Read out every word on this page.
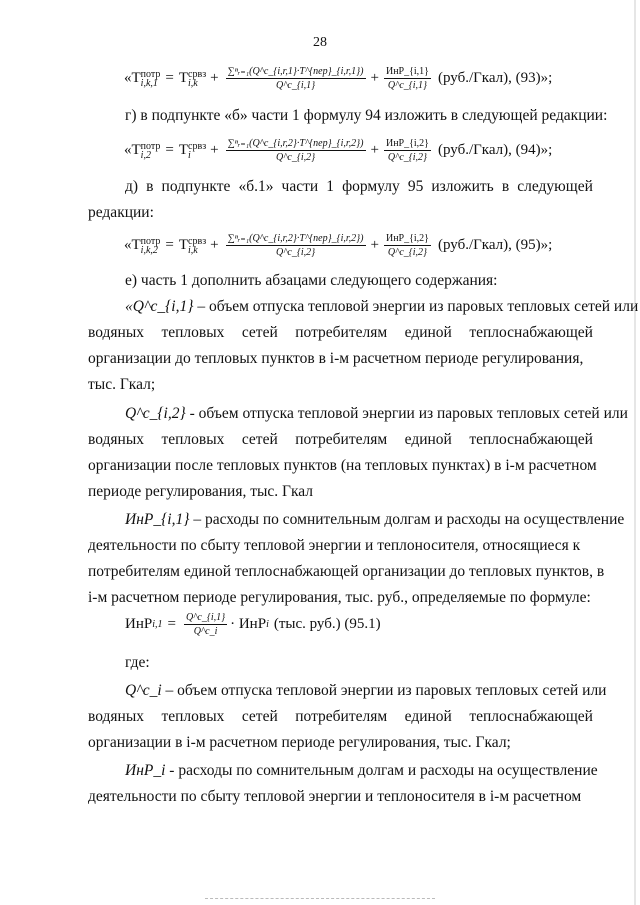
28
« T потр
i,k,1 = T срвз
$i,k + \frac{\text{∑ⁿᵣ₌₁(Q\textasciicircum{}c\_\{i,r,1\}·T\textasciicircum{}\{пер\}\_\{i,r,1\})}}{Q\^{}c\_\{i,1\}} + \frac{\text{ИнР\_\{i,1\}}}{Q\^{}c\_\{i,1\}}$ (руб./Гкал), (93)»;
г) в подпункте «б» части 1 формулу 94 изложить в следующей редакции:
« T потр
i,2 = T срвз
i	+ $\frac{\text{∑ⁿᵣ₌₁(Q\textasciicircum{}c\_\{i,r,2\}·T\textasciicircum{}\{пер\}\_\{i,r,2\})}}{Q\^{}c\_\{i,2\}} + \frac{\text{ИнР\_\{i,2\}}}{Q\^{}c\_\{i,2\}}$ (руб./Гкал), (94)»;
д) в подпункте «б.1» части 1 формулу 95 изложить в следующей
редакции:
« T потр
i,k,2 = T срвз
$i,k + \frac{\text{∑ⁿᵣ₌₁(Q\textasciicircum{}c\_\{i,r,2\}·T\textasciicircum{}\{пер\}\_\{i,r,2\})}}{Q\^{}c\_\{i,2\}} + \frac{\text{ИнР\_\{i,2\}}}{Q\^{}c\_\{i,2\}}$ (руб./Гкал), (95)»;
е) часть 1 дополнить абзацами следующего содержания:
«Q^c_{i,1} – объем отпуска тепловой энергии из паровых тепловых сетей или
водяных тепловых сетей потребителям единой теплоснабжающей
организации до тепловых пунктов в i-м расчетном периоде регулирования,
тыс. Гкал;
Q^c_{i,2} - объем отпуска тепловой энергии из паровых тепловых сетей или
водяных тепловых сетей потребителям единой теплоснабжающей
организации после тепловых пунктов (на тепловых пунктах) в i-м расчетном
периоде регулирования, тыс. Гкал
ИнР_{i,1} – расходы по сомнительным долгам и расходы на осуществление
деятельности по сбыту тепловой энергии и теплоносителя, относящиеся к
потребителям единой теплоснабжающей организации до тепловых пунктов, в
i-м расчетном периоде регулирования, тыс. руб., определяемые по формуле:
ИнР $i,1 = \frac{Q\^{}c\_\{i,1\}}{Q\^{}c\_i}$ · ИнР i (тыс. руб.) (95.1)
где:
Q^c_i – объем отпуска тепловой энергии из паровых тепловых сетей или
водяных тепловых сетей потребителям единой теплоснабжающей
организации в i-м расчетном периоде регулирования, тыс. Гкал;
ИнР_i - расходы по сомнительным долгам и расходы на осуществление
деятельности по сбыту тепловой энергии и теплоносителя в i-м расчетном
